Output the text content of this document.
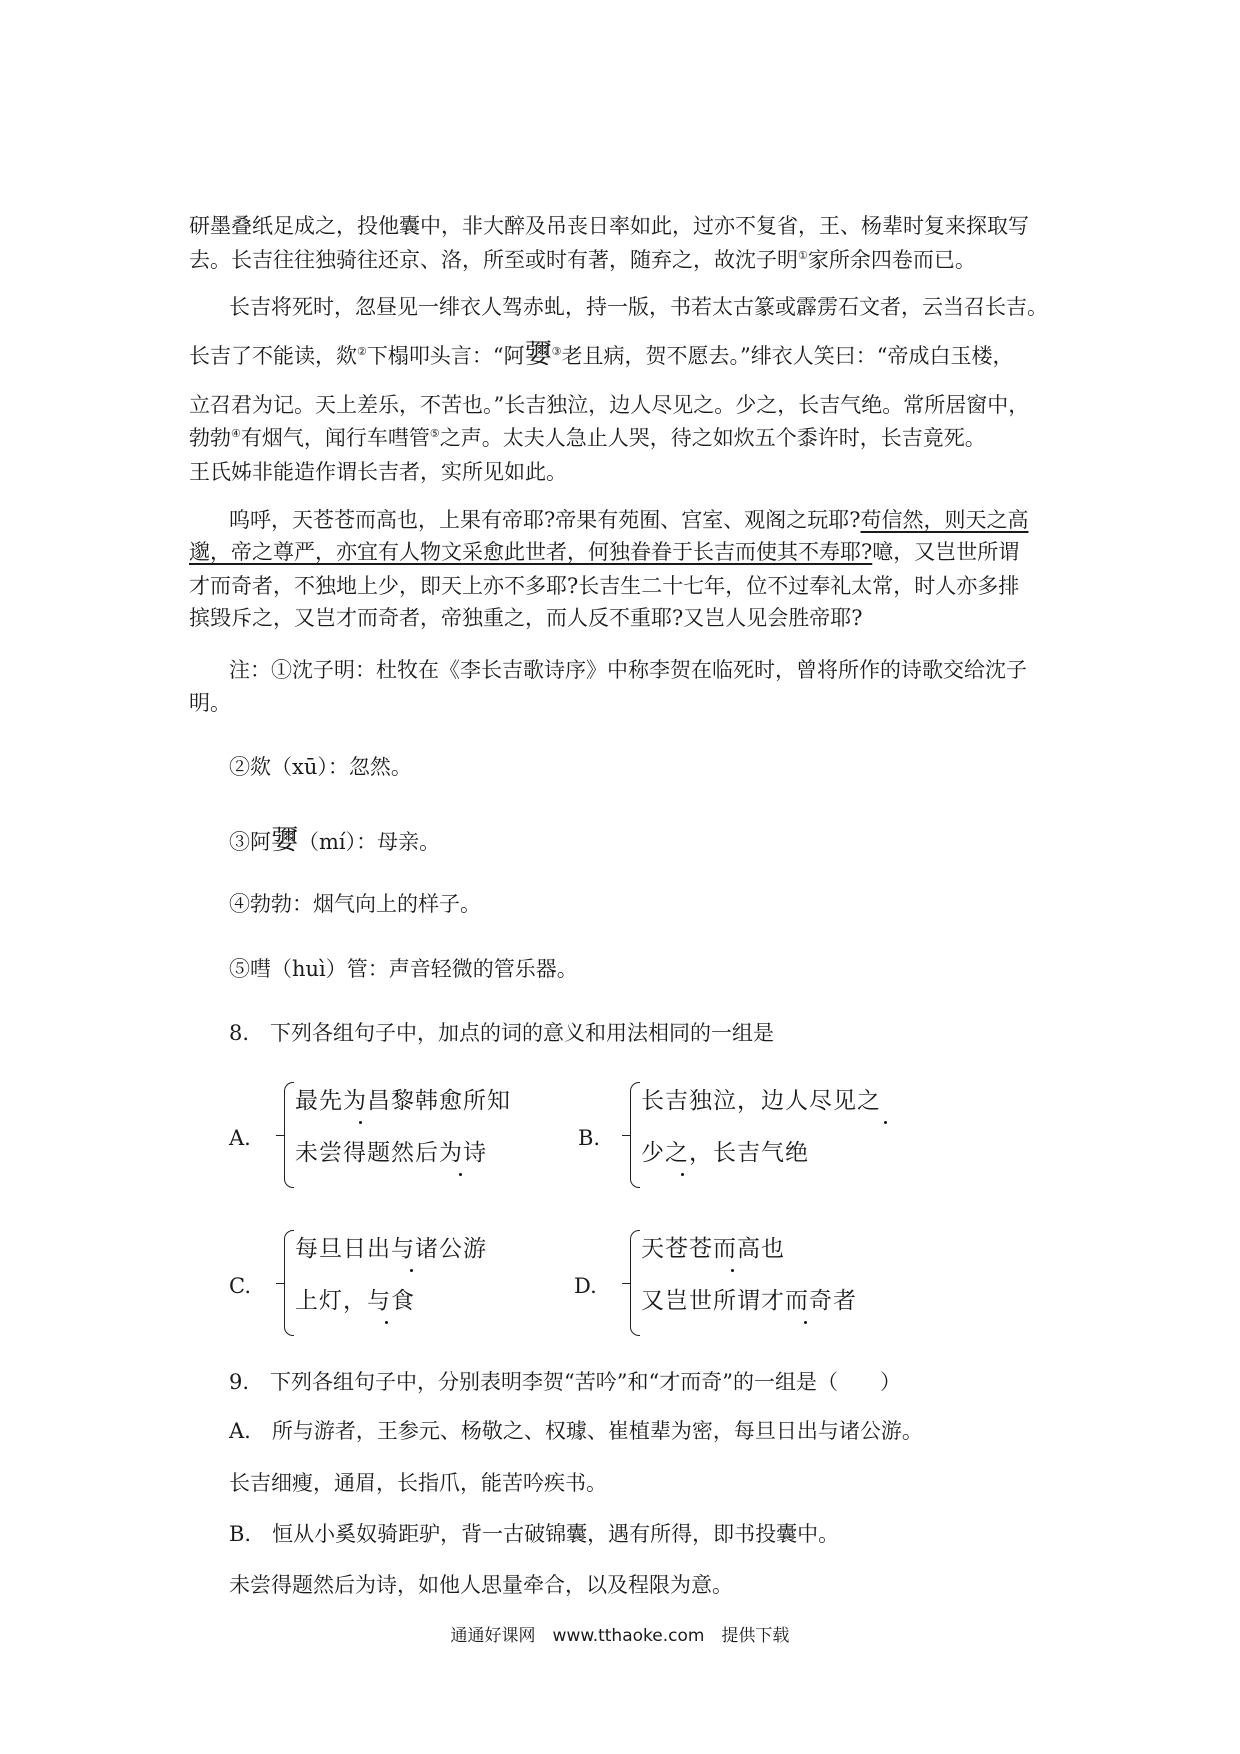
研墨叠纸足成之，投他囊中，非大醉及吊丧日率如此，过亦不复省，王、杨辈时复来探取写
去。长吉往往独骑往还京、洛，所至或时有著，随弃之，故沈子明①家所余四卷而已。
长吉将死时，忽昼见一绯衣人驾赤虬，持一版，书若太古篆或霹雳石文者，云当召长吉。
长吉了不能读，欻②下榻叩头言：“阿㜷③老且病，贺不愿去。”绯衣人笑曰：“帝成白玉楼，
立召君为记。天上差乐，不苦也。”长吉独泣，边人尽见之。少之，长吉气绝。常所居窗中，
勃勃④有烟气，闻行车嘒管⑤之声。太夫人急止人哭，待之如炊五个黍许时，长吉竟死。
王氏姊非能造作谓长吉者，实所见如此。
呜呼，天苍苍而高也，上果有帝耶?帝果有苑囿、宫室、观阁之玩耶?苟信然，则天之高
邈，帝之尊严，亦宜有人物文采愈此世者，何独眷眷于长吉而使其不寿耶?噫，又岂世所谓
才而奇者，不独地上少，即天上亦不多耶?长吉生二十七年，位不过奉礼太常，时人亦多排
摈毁斥之，又岂才而奇者，帝独重之，而人反不重耶?又岂人见会胜帝耶?
注：①沈子明：杜牧在《李长吉歌诗序》中称李贺在临死时，曾将所作的诗歌交给沈子
明。
②欻（xū）：忽然。
③阿㜷（mí）：母亲。
④勃勃：烟气向上的样子。
⑤嘒（huì）管：声音轻微的管乐器。
8.　下列各组句子中，加点的词的意义和用法相同的一组是
A.
最先为昌黎韩愈所知
未尝得题然后为诗
B.
长吉独泣，边人尽见之
少之，长吉气绝
C.
每旦日出与诸公游
上灯，与食
D.
天苍苍而高也
又岂世所谓才而奇者
9.　下列各组句子中，分别表明李贺“苦吟”和“才而奇”的一组是（　　）
A.　所与游者，王参元、杨敬之、权璩、崔植辈为密，每旦日出与诸公游。
长吉细瘦，通眉，长指爪，能苦吟疾书。
B.　恒从小奚奴骑距驴，背一古破锦囊，遇有所得，即书投囊中。
未尝得题然后为诗，如他人思量牵合，以及程限为意。
通通好课网　www.tthaoke.com　提供下载
